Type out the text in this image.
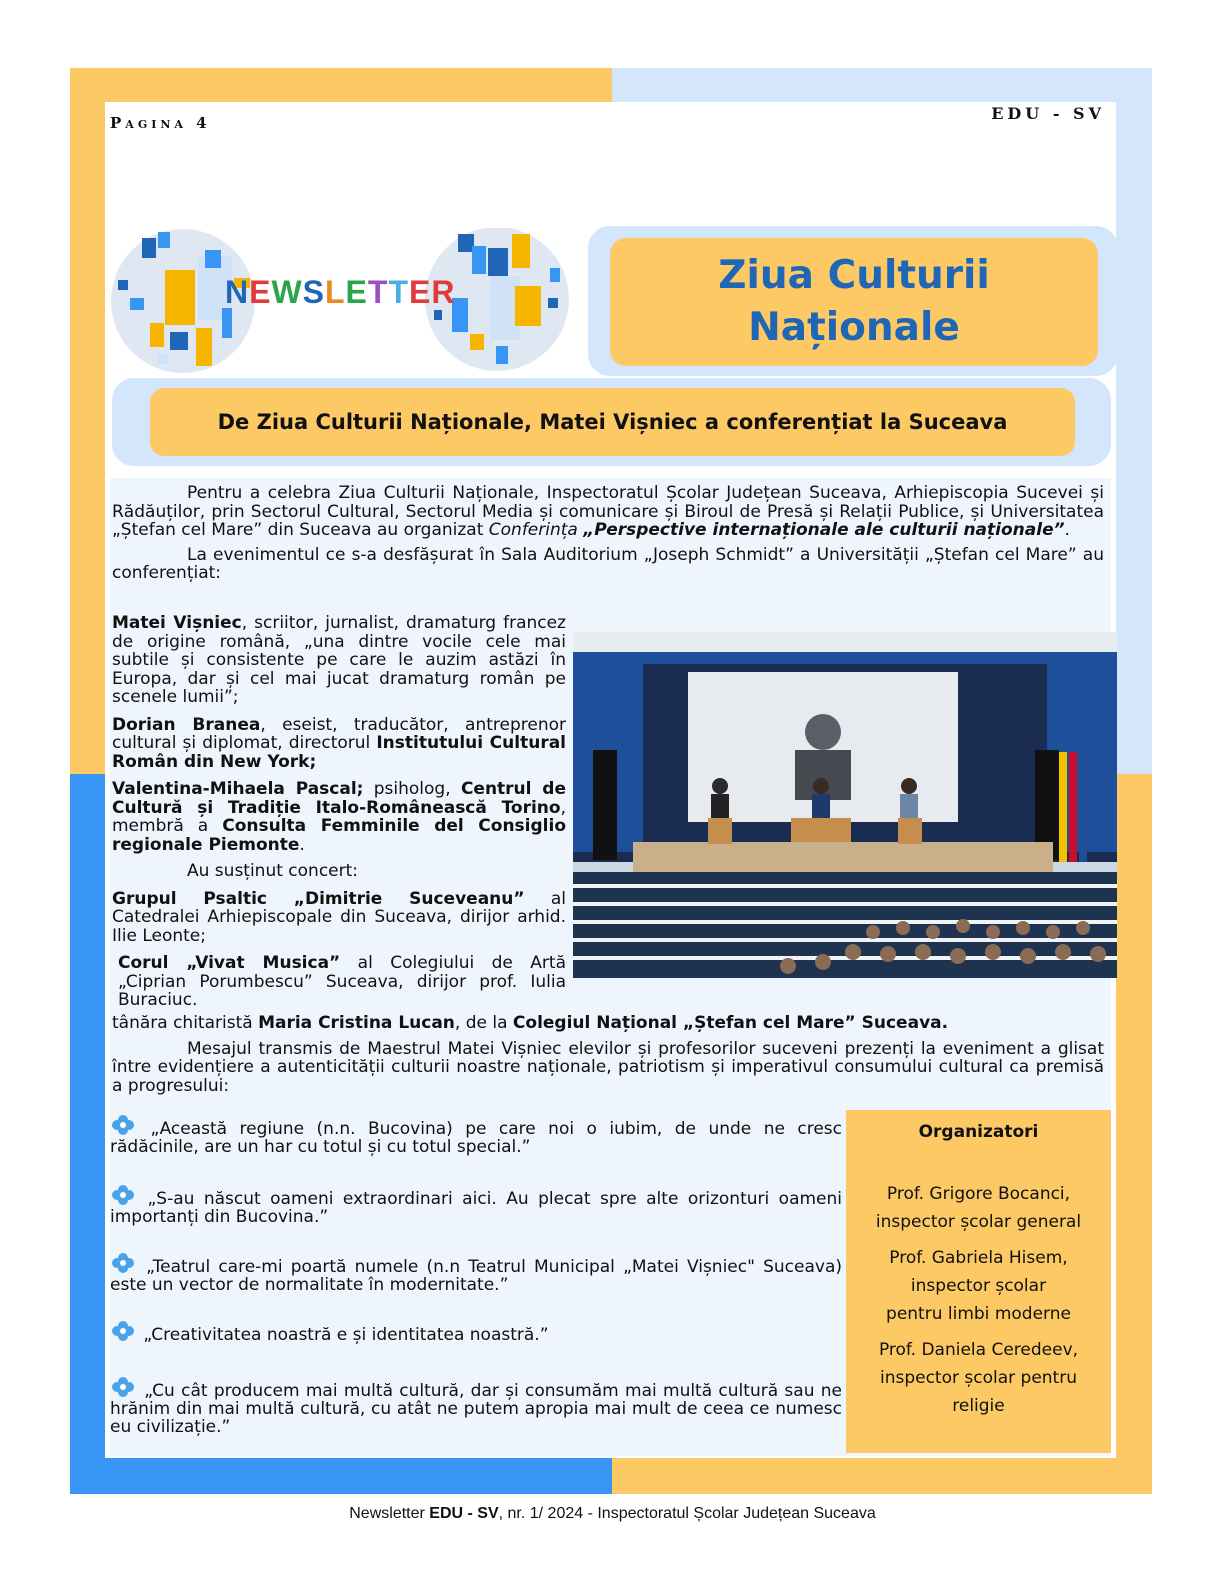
Pagina 4	EDU - SV
NEWSLETTER	Ziua Culturii Naționale
De Ziua Culturii Naționale, Matei Vișniec a conferențiat la Suceava

Pentru a celebra Ziua Culturii Naționale, Inspectoratul Școlar Județean Suceava, Arhiepiscopia Sucevei și Rădăuților, prin Sectorul Cultural, Sectorul Media și comunicare și Biroul de Presă și Relații Publice, și Universitatea „Ștefan cel Mare” din Suceava au organizat Conferința „Perspective internaționale ale culturii naționale”.

La evenimentul ce s-a desfășurat în Sala Auditorium „Joseph Schmidt” a Universității „Ștefan cel Mare” au conferențiat:

Matei Vișniec, scriitor, jurnalist, dramaturg francez de origine română, „una dintre vocile cele mai subtile și consistente pe care le auzim astăzi în Europa, dar și cel mai jucat dramaturg român pe scenele lumii”;

Dorian Branea, eseist, traducător, antreprenor cultural și diplomat, directorul Institutului Cultural Român din New York;

Valentina-Mihaela Pascal; psiholog, Centrul de Cultură și Tradiție Italo-Românească Torino, membră a Consulta Femminile del Consiglio regionale Piemonte.

Au susținut concert:

Grupul Psaltic „Dimitrie Suceveanu” al Catedralei Arhiepiscopale din Suceava, dirijor arhid. Ilie Leonte;

Corul „Vivat Musica” al Colegiului de Artă „Ciprian Porumbescu” Suceava, dirijor prof. Iulia Buraciuc.

tânăra chitaristă Maria Cristina Lucan, de la Colegiul Național „Ștefan cel Mare” Suceava.

Mesajul transmis de Maestrul Matei Vișniec elevilor și profesorilor suceveni prezenți la eveniment a glisat între evidențiere a autenticității culturii noastre naționale, patriotism și imperativul consumului cultural ca premisă a progresului:

„Această regiune (n.n. Bucovina) pe care noi o iubim, de unde ne cresc rădăcinile, are un har cu totul și cu totul special.”
„S-au născut oameni extraordinari aici. Au plecat spre alte orizonturi oameni importanți din Bucovina.”
„Teatrul care-mi poartă numele (n.n Teatrul Municipal „Matei Vișniec" Suceava) este un vector de normalitate în modernitate.”
„Creativitatea noastră e și identitatea noastră.”
„Cu cât producem mai multă cultură, dar și consumăm mai multă cultură sau ne hrănim din mai multă cultură, cu atât ne putem apropia mai mult de ceea ce numesc eu civilizație.”
Organizatori
Prof. Grigore Bocanci, inspector școlar general
Prof. Gabriela Hisem, inspector școlar pentru limbi moderne
Prof. Daniela Ceredeev, inspector școlar pentru religie
Newsletter EDU - SV, nr. 1/ 2024 - Inspectoratul Școlar Județean Suceava
